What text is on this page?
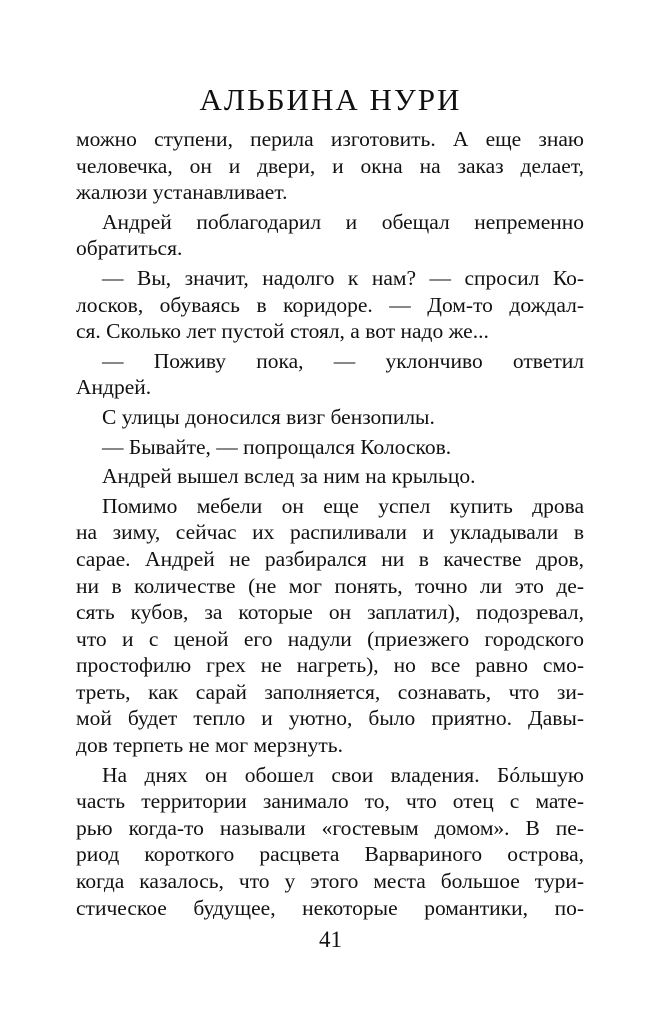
АЛЬБИНА НУРИ
можно ступени, перила изготовить. А еще знаю
человечка, он и двери, и окна на заказ делает,
жалюзи устанавливает.
Андрей поблагодарил и обещал непременно
обратиться.
— Вы, значит, надолго к нам? — спросил Ко-
лосков, обуваясь в коридоре. — Дом-то дождал-
ся. Сколько лет пустой стоял, а вот надо же...
— Поживу пока, — уклончиво ответил
Андрей.
С улицы доносился визг бензопилы.
— Бывайте, — попрощался Колосков.
Андрей вышел вслед за ним на крыльцо.
Помимо мебели он еще успел купить дрова
на зиму, сейчас их распиливали и укладывали в
сарае. Андрей не разбирался ни в качестве дров,
ни в количестве (не мог понять, точно ли это де-
сять кубов, за которые он заплатил), подозревал,
что и с ценой его надули (приезжего городского
простофилю грех не нагреть), но все равно смо-
треть, как сарай заполняется, сознавать, что зи-
мой будет тепло и уютно, было приятно. Давы-
дов терпеть не мог мерзнуть.
На днях он обошел свои владения. Бóльшую
часть территории занимало то, что отец с мате-
рью когда-то называли «гостевым домом». В пе-
риод короткого расцвета Варвариного острова,
когда казалось, что у этого места большое тури-
стическое будущее, некоторые романтики, по-
41
